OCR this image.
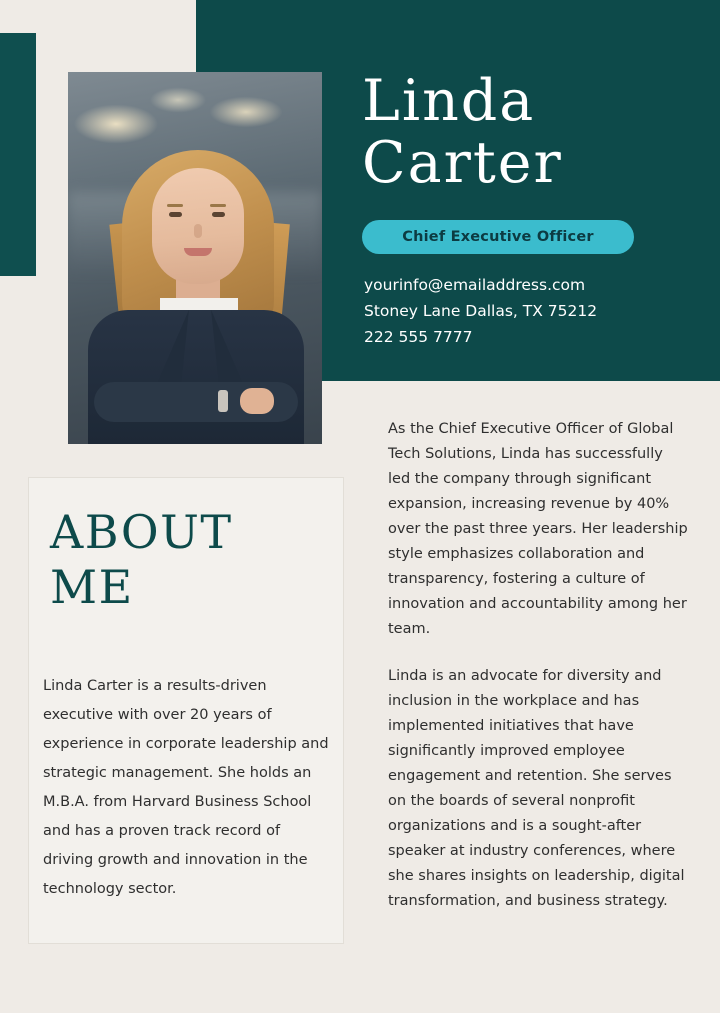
Linda
Carter
Chief Executive Officer
yourinfo@emailaddress.com
Stoney Lane Dallas, TX 75212
222 555 7777
ABOUT
ME
Linda Carter is a results-driven executive with over 20 years of experience in corporate leadership and strategic management. She holds an M.B.A. from Harvard Business School and has a proven track record of driving growth and innovation in the technology sector.

As the Chief Executive Officer of Global Tech Solutions, Linda has successfully led the company through significant expansion, increasing revenue by 40% over the past three years. Her leadership style emphasizes collaboration and transparency, fostering a culture of innovation and accountability among her team.

Linda is an advocate for diversity and inclusion in the workplace and has implemented initiatives that have significantly improved employee engagement and retention. She serves on the boards of several nonprofit organizations and is a sought-after speaker at industry conferences, where she shares insights on leadership, digital transformation, and business strategy.
